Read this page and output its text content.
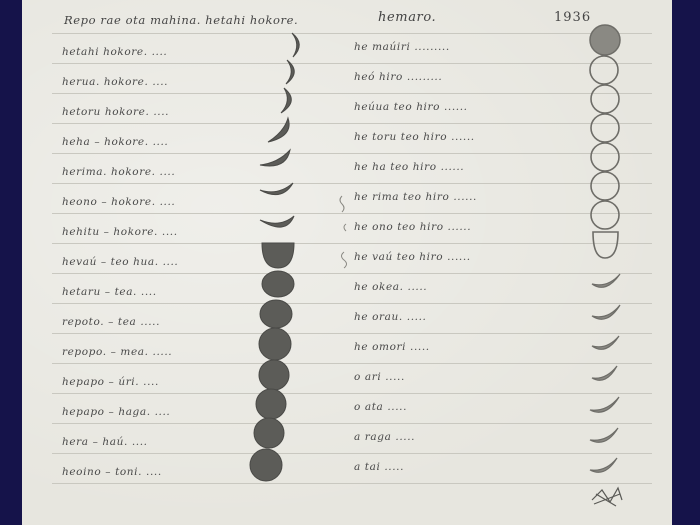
Repo rae ota mahina. hetahi hokore.	hemaro.	1936
hetahi hokore. ....
herua. hokore. ....
hetoru hokore. ....
heha – hokore. ....
herima. hokore. ....
heono – hokore. ....
hehitu – hokore. ....
hevaú – teo hua. ....
hetaru – tea. ....
repoto. – tea .....
repopo. – mea. .....
hepapo – úri. ....
hepapo – haga. ....
hera – haú. ....
heoino – toni. ....
he maúiri .........
heó hiro .........
heúua teo hiro ......
he toru teo hiro ......
he ha teo hiro ......
he rima teo hiro ......
he ono teo hiro ......
he vaú teo hiro ......
he okea. .....
he orau. .....
he omori .....
o ari .....
o ata .....
a raga .....
a tai .....
